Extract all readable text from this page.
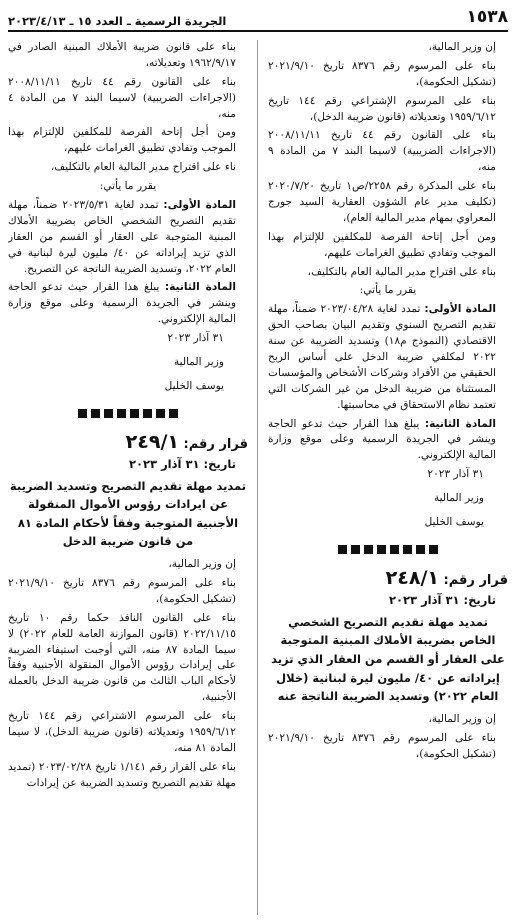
١٥٣٨
الجريدة الرسمية ـ العدد ١٥ ـ ٢٠٢٣/٤/١٣

إن وزير المالية،

بناء على المرسوم رقم ٨٣٧٦ تاريخ ٢٠٢١/٩/١٠ (تشكيل الحكومة)،

بناء على المرسوم الإشتراعي رقم ١٤٤ تاريخ ١٩٥٩/٦/١٢ وتعديلاته (قانون ضريبة الدخل)،

بناء على القانون رقم ٤٤ تاريخ ٢٠٠٨/١١/١١ (الاجراءات الضريبية) لاسيما البند ٧ من المادة ٩ منه،

بناء على المذكرة رقم ٢٢٥٨/ص١ تاريخ ٢٠٢٠/٧/٢٠ (تكليف مدير عام الشؤون العقارية السيد جورج المعراوي بمهام مدير المالية العام)،

ومن أجل إتاحة الفرصة للمكلفين للإلتزام بهذا الموجب وتفادي تطبيق الغرامات عليهم،

بناء على اقتراح مدير المالية العام بالتكليف،

يقرر ما يأتي:

المادة الأولى: تمدد لغاية ٢٠٢٣/٠٤/٢٨ ضمناً، مهلة تقديم التصريح السنوي وتقديم البيان بصاحب الحق الاقتصادي (النموذج م١٨) وتسديد الضريبة عن سنة ٢٠٢٢ لمكلفي ضريبة الدخل على أساس الربح الحقيقي من الأفراد وشركات الأشخاص والمؤسسات المستثناة من ضريبة الدخل من غير الشركات التي تعتمد نظام الاستحقاق في محاسبتها.

المادة الثانية: يبلغ هذا القرار حيث تدعو الحاجة وينشر في الجريدة الرسمية وعلى موقع وزارة المالية الإلكتروني.

٣١ آذار ٢٠٢٣

وزير المالية

يوسف الخليل

قرار رقم: ٢٤٨/١

تاريخ: ٣١ آذار ٢٠٢٣

تمديد مهلة تقديم التصريح الشخصي الخاص بضريبة الأملاك المبنية المتوجبة على العقار أو القسم من العقار الذي تزيد إيراداته عن ٤٠/ مليون ليرة لبنانية (خلال العام ٢٠٢٢) وتسديد الضريبة الناتجة عنه

إن وزير المالية،

بناء على المرسوم رقم ٨٣٧٦ تاريخ ٢٠٢١/٩/١٠ (تشكيل الحكومة)،

بناء على قانون ضريبة الأملاك المبنية الصادر في ١٩٦٢/٩/١٧ وتعديلاته،

بناء على القانون رقم ٤٤ تاريخ ٢٠٠٨/١١/١١ (الاجراءات الضريبية) لاسيما البند ٧ من المادة ٤ منه،

ومن أجل إتاحة الفرصة للمكلفين للإلتزام بهذا الموجب وتفادي تطبيق الغرامات عليهم،

ناء على اقتراح مدير المالية العام بالتكليف،

يقرر ما يأتي:

المادة الأولى: تمدد لغاية ٢٠٢٣/٥/٣١ ضمناً، مهلة تقديم التصريح الشخصي الخاص بضريبة الأملاك المبنية المتوجبة على العقار أو القسم من العقار الذي تزيد إيراداته عن ٤٠/ مليون ليرة لبنانية في العام ٢٠٢٢، وتسديد الضريبة الناتجة عن التصريح.

المادة الثانية: يبلغ هذا القرار حيث تدعو الحاجة وينشر في الجريدة الرسمية وعلى موقع وزارة المالية الإلكتروني.

٣١ آذار ٢٠٢٣

وزير المالية

يوسف الخليل

قرار رقم: ٢٤٩/١

تاريخ: ٣١ آذار ٢٠٢٣

تمديد مهلة تقديم التصريح وتسديد الضريبة عن ايرادات رؤوس الأموال المنقولة الأجنبية المتوجبة وفقاً لأحكام المادة ٨١ من قانون ضريبة الدخل

إن وزير المالية،

بناء على المرسوم رقم ٨٣٧٦ تاريخ ٢٠٢١/٩/١٠ (تشكيل الحكومة)،

بناء على القانون النافذ حكما رقم ١٠ تاريخ ٢٠٢٢/١١/١٥ (قانون الموازنة العامة للعام ٢٠٢٢) لا سيما المادة ٨٧ منه، التي أوجبت استيفاء الضريبة على إيرادات رؤوس الأموال المنقولة الأجنبية وفقاً لأحكام الباب الثالث من قانون ضريبة الدخل بالعملة الأجنبية،

بناء على المرسوم الاشتراعي رقم ١٤٤ تاريخ ١٩٥٩/٦/١٢ وتعديلاته (قانون ضريبة الدخل)، لا سيما المادة ٨١ منه،

بناء على القرار رقم ١/١٤١ تاريخ ٢٠٢٣/٠٢/٢٨ (تمديد مهلة تقديم التصريح وتسديد الضريبة عن إيرادات
